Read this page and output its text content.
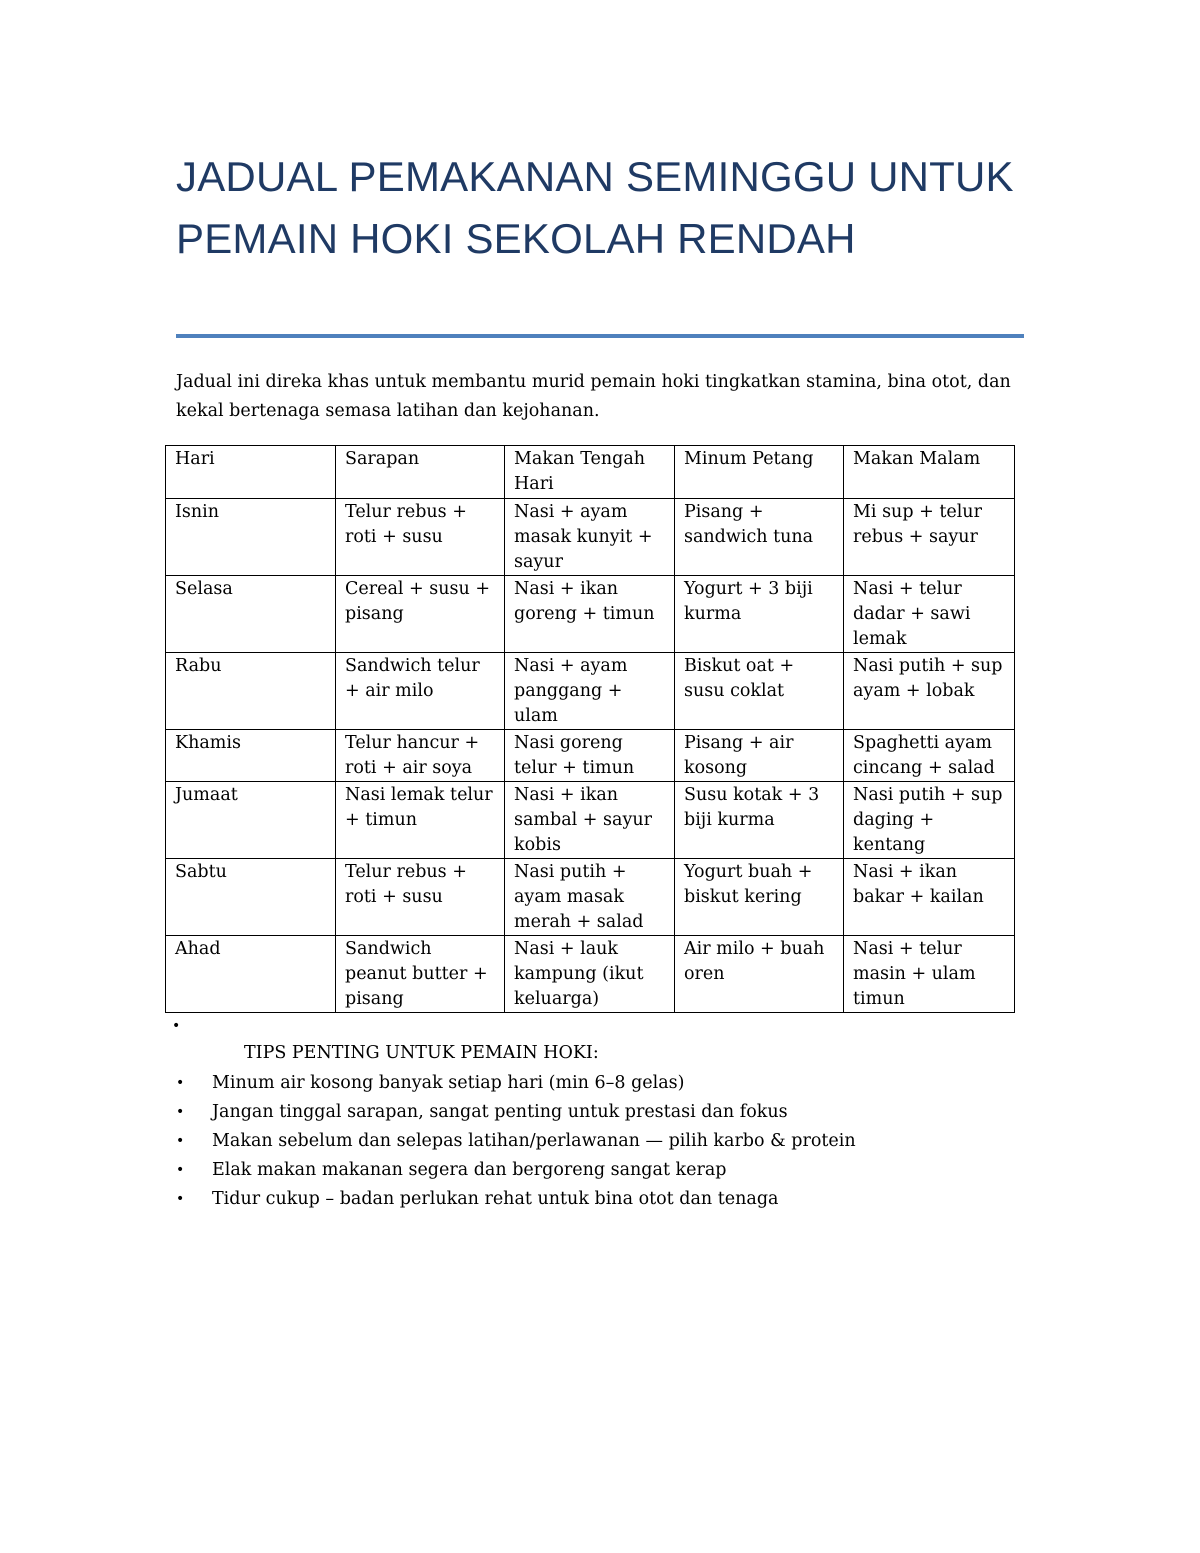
JADUAL PEMAKANAN SEMINGGU UNTUK PEMAIN HOKI SEKOLAH RENDAH
Jadual ini direka khas untuk membantu murid pemain hoki tingkatkan stamina, bina otot, dan kekal bertenaga semasa latihan dan kejohanan.
Hari	Sarapan	Makan Tengah Hari	Minum Petang	Makan Malam
Isnin	Telur rebus + roti + susu	Nasi + ayam masak kunyit + sayur	Pisang + sandwich tuna	Mi sup + telur rebus + sayur
Selasa	Cereal + susu + pisang	Nasi + ikan goreng + timun	Yogurt + 3 biji kurma	Nasi + telur dadar + sawi lemak
Rabu	Sandwich telur + air milo	Nasi + ayam panggang + ulam	Biskut oat + susu coklat	Nasi putih + sup ayam + lobak
Khamis	Telur hancur + roti + air soya	Nasi goreng telur + timun	Pisang + air kosong	Spaghetti ayam cincang + salad
Jumaat	Nasi lemak telur + timun	Nasi + ikan sambal + sayur kobis	Susu kotak + 3 biji kurma	Nasi putih + sup daging + kentang
Sabtu	Telur rebus + roti + susu	Nasi putih + ayam masak merah + salad	Yogurt buah + biskut kering	Nasi + ikan bakar + kailan
Ahad	Sandwich peanut butter + pisang	Nasi + lauk kampung (ikut keluarga)	Air milo + buah oren	Nasi + telur masin + ulam timun
•
TIPS PENTING UNTUK PEMAIN HOKI:
• Minum air kosong banyak setiap hari (min 6–8 gelas)
• Jangan tinggal sarapan, sangat penting untuk prestasi dan fokus
• Makan sebelum dan selepas latihan/perlawanan — pilih karbo & protein
• Elak makan makanan segera dan bergoreng sangat kerap
• Tidur cukup – badan perlukan rehat untuk bina otot dan tenaga
